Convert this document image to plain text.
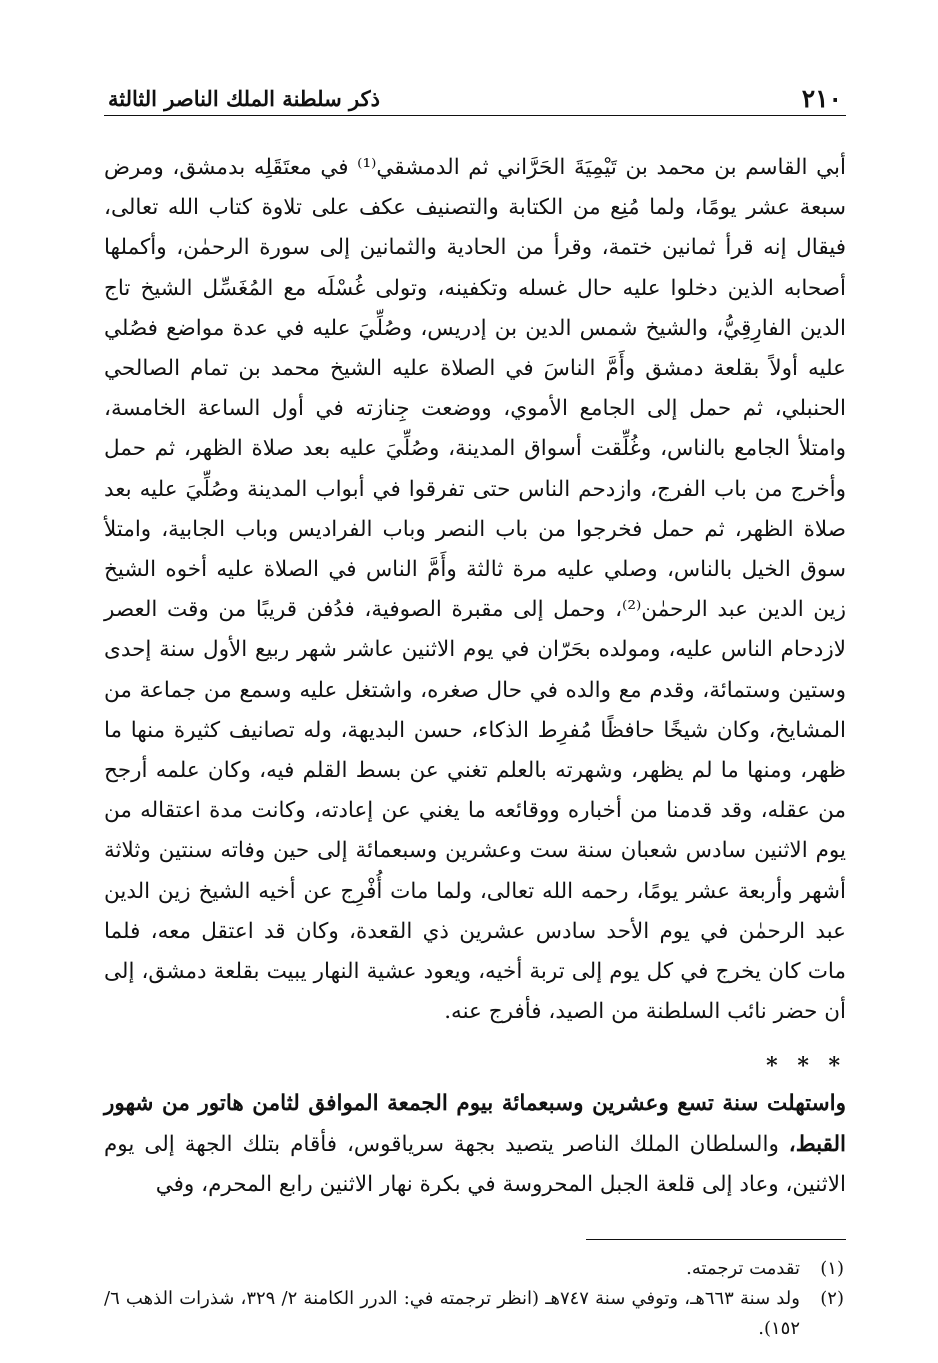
٢١٠
ذكر سلطنة الملك الناصر الثالثة

أبي القاسم بن محمد بن تَيْمِيَةَ الحَرَّاني ثم الدمشقي⁽¹⁾ في معتَقَلِه بدمشق، ومرض سبعة عشر يومًا، ولما مُنِع من الكتابة والتصنيف عكف على تلاوة كتاب الله تعالى، فيقال إنه قرأ ثمانين ختمة، وقرأ من الحادية والثمانين إلى سورة الرحمٰن، وأكملها أصحابه الذين دخلوا عليه حال غسله وتكفينه، وتولى غُسْلَه مع المُغَسِّل الشيخ تاج الدين الفارِقِيُّ، والشيخ شمس الدين بن إدريس، وصُلِّيَ عليه في عدة مواضع فصُلي عليه أولاً بقلعة دمشق وأَمَّ الناسَ في الصلاة عليه الشيخ محمد بن تمام الصالحي الحنبلي، ثم حمل إلى الجامع الأموي، ووضعت جِنازته في أول الساعة الخامسة، وامتلأ الجامع بالناس، وغُلِّقت أسواق المدينة، وصُلِّيَ عليه بعد صلاة الظهر، ثم حمل وأخرج من باب الفرج، وازدحم الناس حتى تفرقوا في أبواب المدينة وصُلِّيَ عليه بعد صلاة الظهر، ثم حمل فخرجوا من باب النصر وباب الفراديس وباب الجابية، وامتلأ سوق الخيل بالناس، وصلي عليه مرة ثالثة وأَمَّ الناس في الصلاة عليه أخوه الشيخ زين الدين عبد الرحمٰن⁽²⁾، وحمل إلى مقبرة الصوفية، فدُفن قريبًا من وقت العصر لازدحام الناس عليه، ومولده بحَرّان في يوم الاثنين عاشر شهر ربيع الأول سنة إحدى وستين وستمائة، وقدم مع والده في حال صغره، واشتغل عليه وسمع من جماعة من المشايخ، وكان شيخًا حافظًا مُفرِط الذكاء، حسن البديهة، وله تصانيف كثيرة منها ما ظهر، ومنها ما لم يظهر، وشهرته بالعلم تغني عن بسط القلم فيه، وكان علمه أرجح من عقله، وقد قدمنا من أخباره ووقائعه ما يغني عن إعادته، وكانت مدة اعتقاله من يوم الاثنين سادس شعبان سنة ست وعشرين وسبعمائة إلى حين وفاته سنتين وثلاثة أشهر وأربعة عشر يومًا، رحمه الله تعالى، ولما مات أُفْرِج عن أخيه الشيخ زين الدين عبد الرحمٰن في يوم الأحد سادس عشرين ذي القعدة، وكان قد اعتقل معه، فلما مات كان يخرج في كل يوم إلى تربة أخيه، ويعود عشية النهار يبيت بقلعة دمشق، إلى أن حضر نائب السلطنة من الصيد، فأفرج عنه.

* * *

واستهلت سنة تسع وعشرين وسبعمائة بيوم الجمعة الموافق لثامن هاتور من شهور القبط، والسلطان الملك الناصر يتصيد بجهة سرياقوس، فأقام بتلك الجهة إلى يوم الاثنين، وعاد إلى قلعة الجبل المحروسة في بكرة نهار الاثنين رابع المحرم، وفي

(١)
تقدمت ترجمته.
(٢)
ولد سنة ٦٦٣هـ، وتوفي سنة ٧٤٧هـ (انظر ترجمته في: الدرر الكامنة ٢/ ٣٢٩، شذرات الذهب ٦/ ١٥٢).
